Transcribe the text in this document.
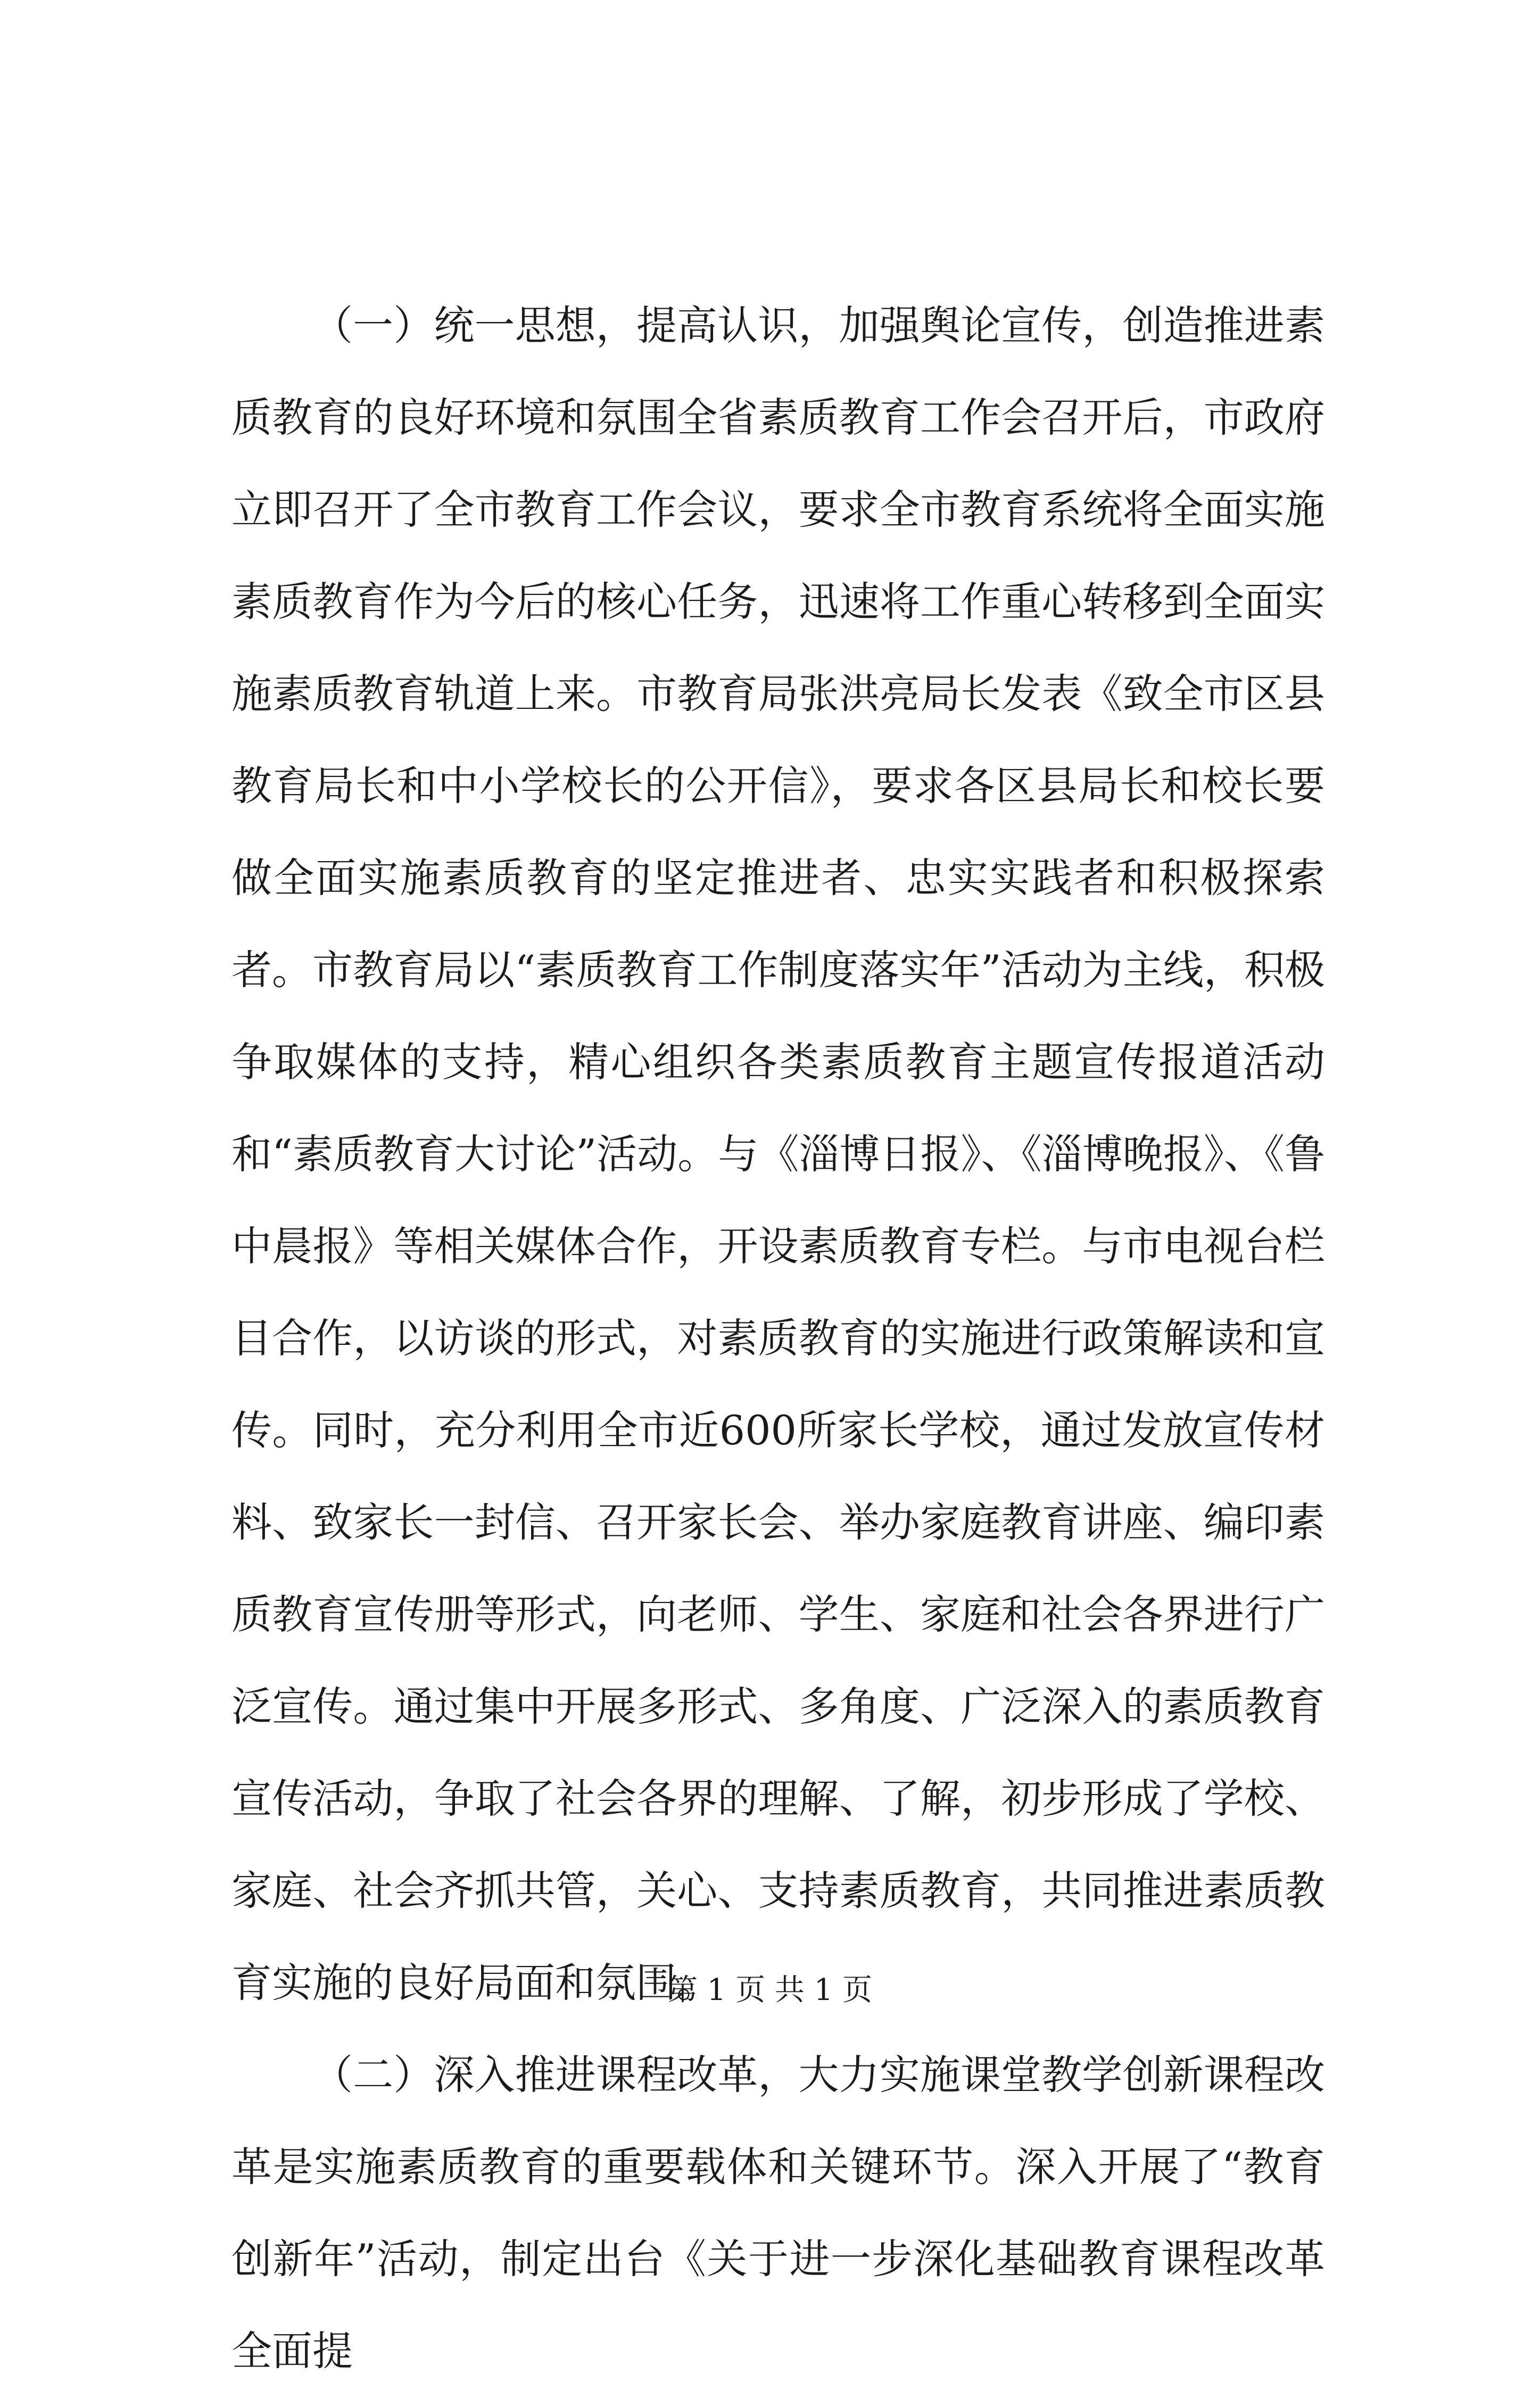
（一）统一思想，提高认识，加强舆论宣传，创造推进素质教育的良好环境和氛围全省素质教育工作会召开后，市政府立即召开了全市教育工作会议，要求全市教育系统将全面实施素质教育作为今后的核心任务，迅速将工作重心转移到全面实施素质教育轨道上来。市教育局张洪亮局长发表《致全市区县教育局长和中小学校长的公开信》，要求各区县局长和校长要做全面实施素质教育的坚定推进者、忠实实践者和积极探索者。市教育局以“素质教育工作制度落实年”活动为主线，积极争取媒体的支持，精心组织各类素质教育主题宣传报道活动和“素质教育大讨论”活动。与《淄博日报》、《淄博晚报》、《鲁中晨报》等相关媒体合作，开设素质教育专栏。与市电视台栏目合作，以访谈的形式，对素质教育的实施进行政策解读和宣传。同时，充分利用全市近600所家长学校，通过发放宣传材料、致家长一封信、召开家长会、举办家庭教育讲座、编印素质教育宣传册等形式，向老师、学生、家庭和社会各界进行广泛宣传。通过集中开展多形式、多角度、广泛深入的素质教育宣传活动，争取了社会各界的理解、了解，初步形成了学校、家庭、社会齐抓共管，关心、支持素质教育，共同推进素质教育实施的良好局面和氛围。

（二）深入推进课程改革，大力实施课堂教学创新课程改革是实施素质教育的重要载体和关键环节。深入开展了“教育创新年”活动，制定出台《关于进一步深化基础教育课程改革全面提

第 1 页 共 1 页
